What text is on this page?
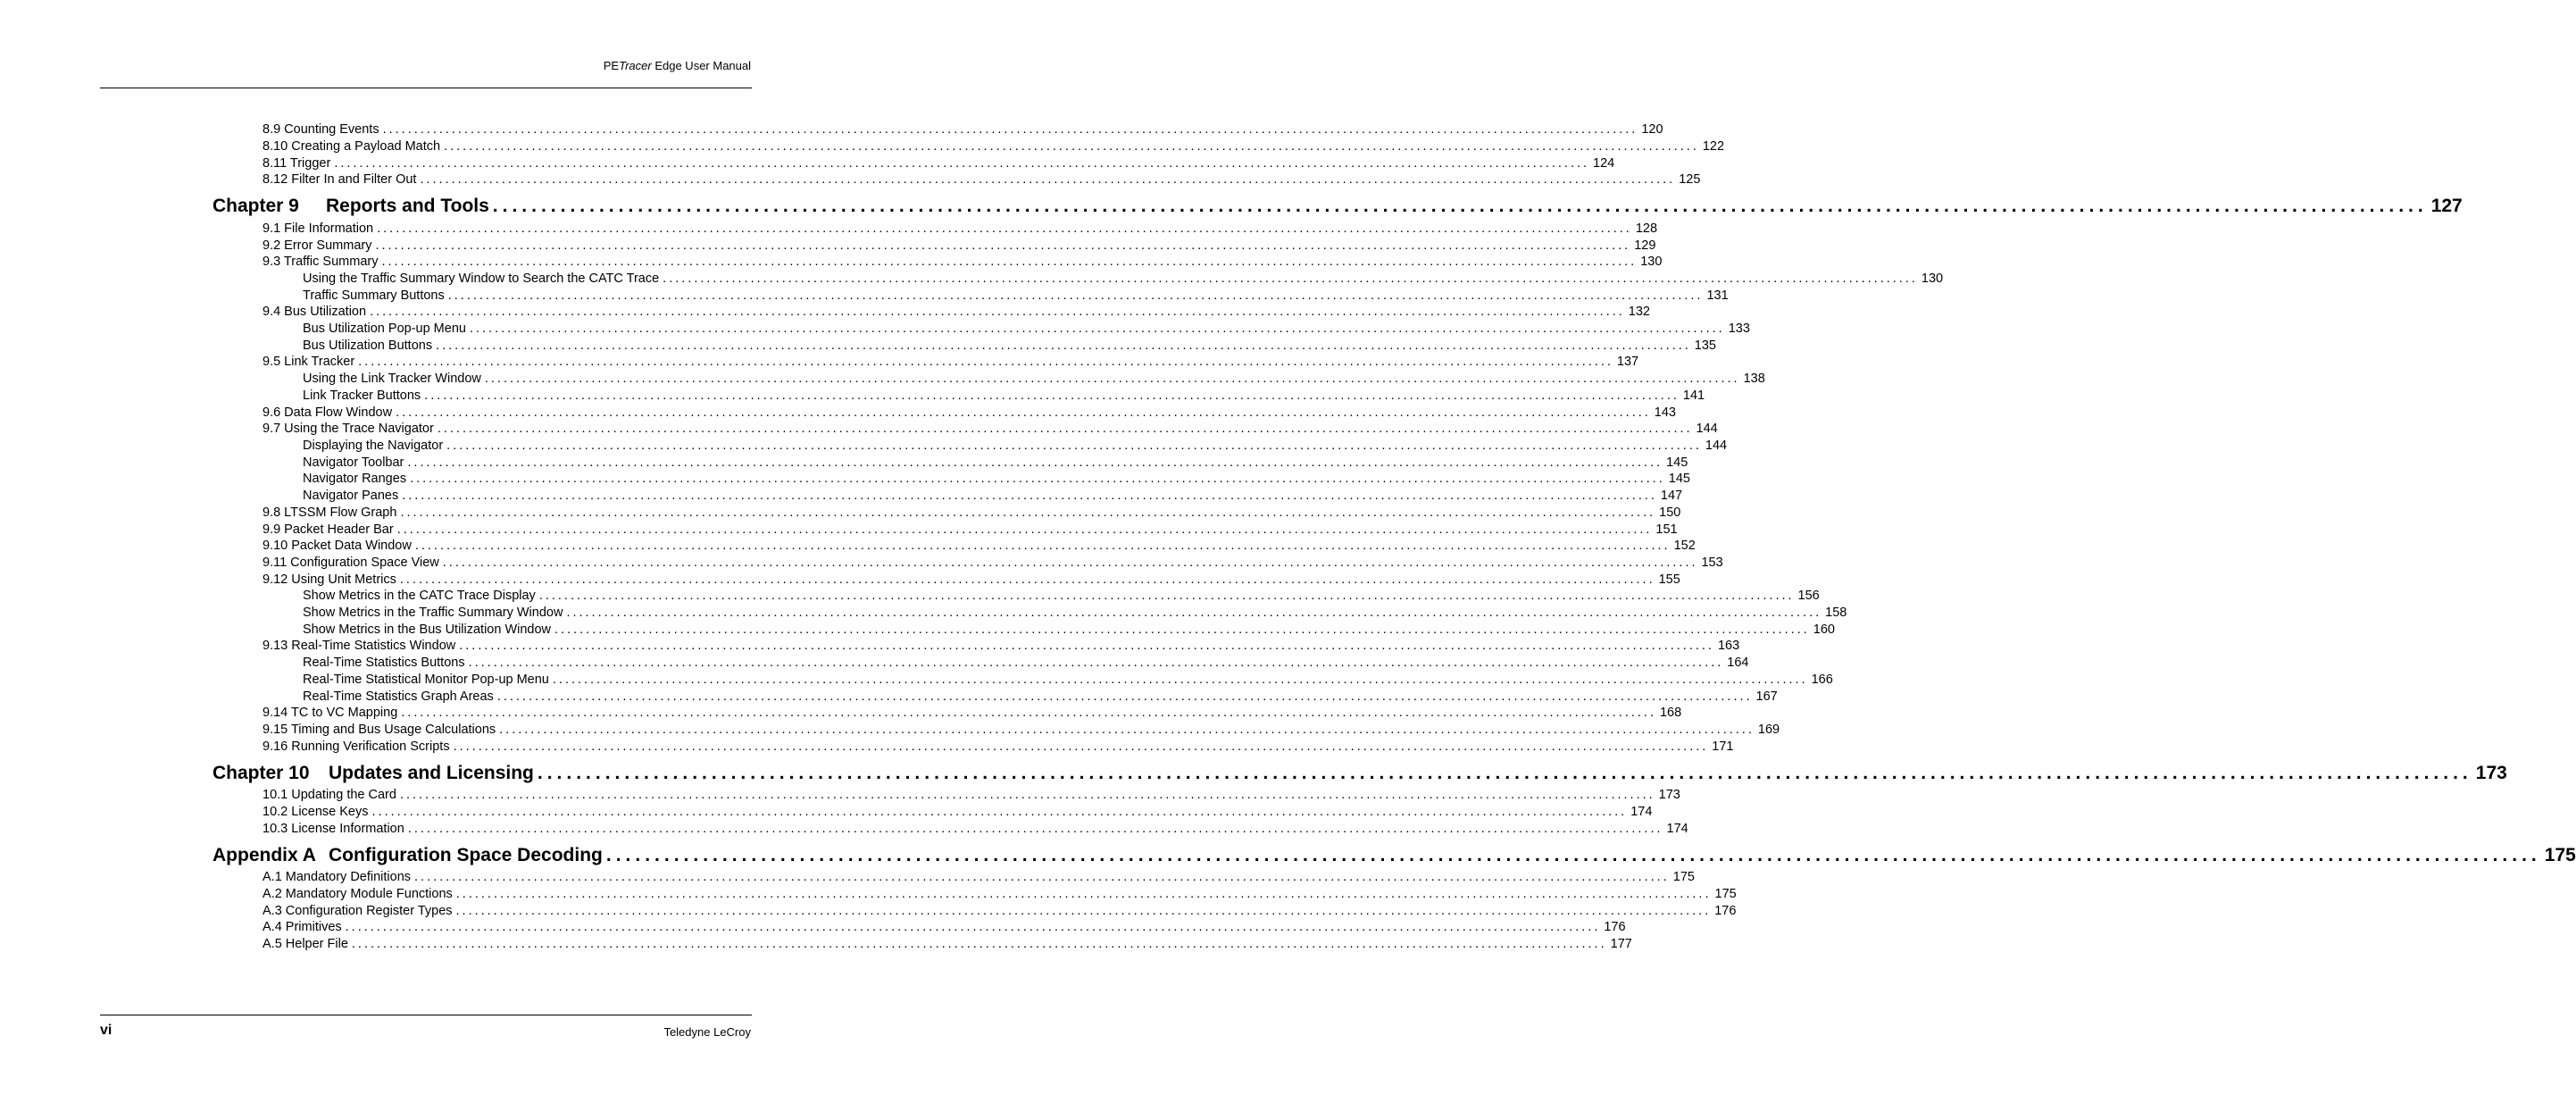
PETracer Edge User Manual
8.9 Counting Events ........................................................................................................................................................................................................ 120
8.10 Creating a Payload Match ........................................................................................................................................................................................................ 122
8.11 Trigger ........................................................................................................................................................................................................ 124
8.12 Filter In and Filter Out ........................................................................................................................................................................................................ 125
Chapter 9 Reports and Tools ........................................................................................................................................................................................................ 127
9.1 File Information ........................................................................................................................................................................................................ 128
9.2 Error Summary ........................................................................................................................................................................................................ 129
9.3 Traffic Summary ........................................................................................................................................................................................................ 130
Using the Traffic Summary Window to Search the CATC Trace ........................................................................................................................................................................................................ 130
Traffic Summary Buttons ........................................................................................................................................................................................................ 131
9.4 Bus Utilization ........................................................................................................................................................................................................ 132
Bus Utilization Pop-up Menu ........................................................................................................................................................................................................ 133
Bus Utilization Buttons ........................................................................................................................................................................................................ 135
9.5 Link Tracker ........................................................................................................................................................................................................ 137
Using the Link Tracker Window ........................................................................................................................................................................................................ 138
Link Tracker Buttons ........................................................................................................................................................................................................ 141
9.6 Data Flow Window ........................................................................................................................................................................................................ 143
9.7 Using the Trace Navigator ........................................................................................................................................................................................................ 144
Displaying the Navigator ........................................................................................................................................................................................................ 144
Navigator Toolbar ........................................................................................................................................................................................................ 145
Navigator Ranges ........................................................................................................................................................................................................ 145
Navigator Panes ........................................................................................................................................................................................................ 147
9.8 LTSSM Flow Graph ........................................................................................................................................................................................................ 150
9.9 Packet Header Bar ........................................................................................................................................................................................................ 151
9.10 Packet Data Window ........................................................................................................................................................................................................ 152
9.11 Configuration Space View ........................................................................................................................................................................................................ 153
9.12 Using Unit Metrics ........................................................................................................................................................................................................ 155
Show Metrics in the CATC Trace Display ........................................................................................................................................................................................................ 156
Show Metrics in the Traffic Summary Window ........................................................................................................................................................................................................ 158
Show Metrics in the Bus Utilization Window ........................................................................................................................................................................................................ 160
9.13 Real-Time Statistics Window ........................................................................................................................................................................................................ 163
Real-Time Statistics Buttons ........................................................................................................................................................................................................ 164
Real-Time Statistical Monitor Pop-up Menu ........................................................................................................................................................................................................ 166
Real-Time Statistics Graph Areas ........................................................................................................................................................................................................ 167
9.14 TC to VC Mapping ........................................................................................................................................................................................................ 168
9.15 Timing and Bus Usage Calculations ........................................................................................................................................................................................................ 169
9.16 Running Verification Scripts ........................................................................................................................................................................................................ 171
Chapter 10 Updates and Licensing ........................................................................................................................................................................................................ 173
10.1 Updating the Card ........................................................................................................................................................................................................ 173
10.2 License Keys ........................................................................................................................................................................................................ 174
10.3 License Information ........................................................................................................................................................................................................ 174
Appendix A Configuration Space Decoding ........................................................................................................................................................................................................ 175
A.1 Mandatory Definitions ........................................................................................................................................................................................................ 175
A.2 Mandatory Module Functions ........................................................................................................................................................................................................ 175
A.3 Configuration Register Types ........................................................................................................................................................................................................ 176
A.4 Primitives ........................................................................................................................................................................................................ 176
A.5 Helper File ........................................................................................................................................................................................................ 177
vi	Teledyne LeCroy
